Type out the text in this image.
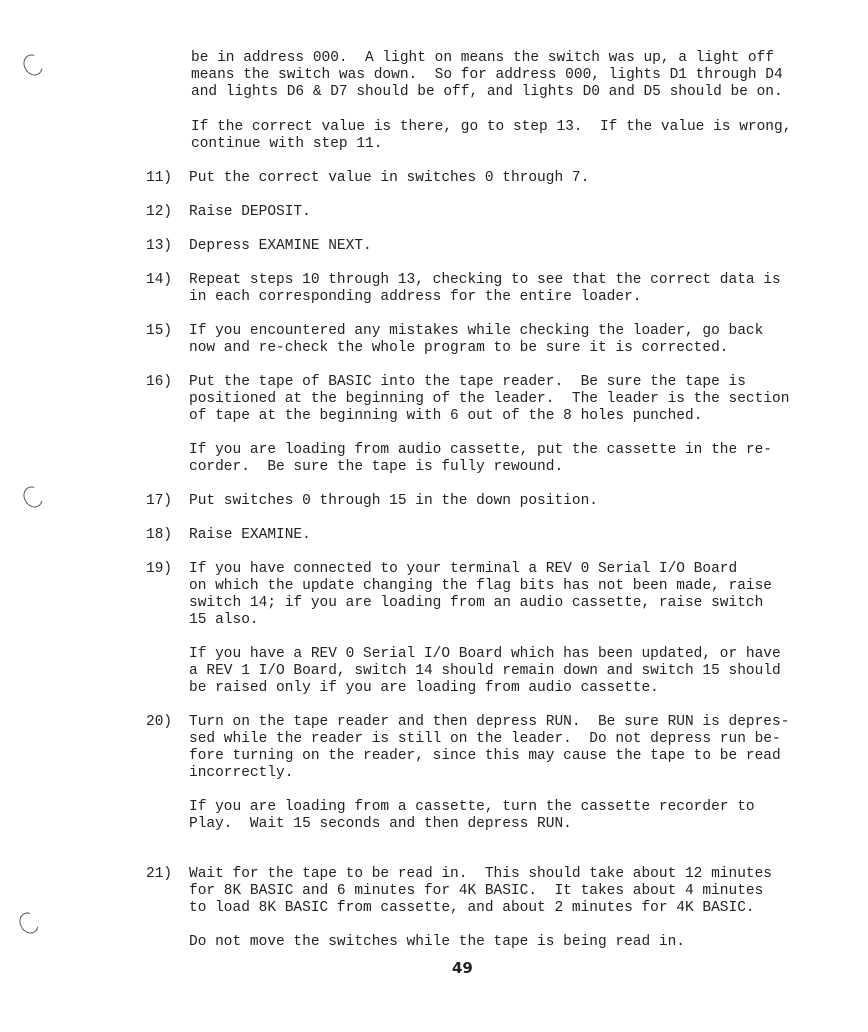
be in address 000.  A light on means the switch was up, a light off
means the switch was down.  So for address 000, lights D1 through D4
and lights D6 & D7 should be off, and lights D0 and D5 should be on.
If the correct value is there, go to step 13.  If the value is wrong,
continue with step 11.
11) Put the correct value in switches 0 through 7.
12) Raise DEPOSIT.
13) Depress EXAMINE NEXT.
14) Repeat steps 10 through 13, checking to see that the correct data is
in each corresponding address for the entire loader.
15) If you encountered any mistakes while checking the loader, go back
now and re-check the whole program to be sure it is corrected.
16) Put the tape of BASIC into the tape reader.  Be sure the tape is
positioned at the beginning of the leader.  The leader is the section
of tape at the beginning with 6 out of the 8 holes punched.
If you are loading from audio cassette, put the cassette in the re-
corder.  Be sure the tape is fully rewound.
17) Put switches 0 through 15 in the down position.
18) Raise EXAMINE.
19) If you have connected to your terminal a REV 0 Serial I/O Board
on which the update changing the flag bits has not been made, raise
switch 14; if you are loading from an audio cassette, raise switch
15 also.
If you have a REV 0 Serial I/O Board which has been updated, or have
a REV 1 I/O Board, switch 14 should remain down and switch 15 should
be raised only if you are loading from audio cassette.
20) Turn on the tape reader and then depress RUN.  Be sure RUN is depres-
sed while the reader is still on the leader.  Do not depress run be-
fore turning on the reader, since this may cause the tape to be read
incorrectly.
If you are loading from a cassette, turn the cassette recorder to
Play.  Wait 15 seconds and then depress RUN.
21) Wait for the tape to be read in.  This should take about 12 minutes
for 8K BASIC and 6 minutes for 4K BASIC.  It takes about 4 minutes
to load 8K BASIC from cassette, and about 2 minutes for 4K BASIC.
Do not move the switches while the tape is being read in.
49
